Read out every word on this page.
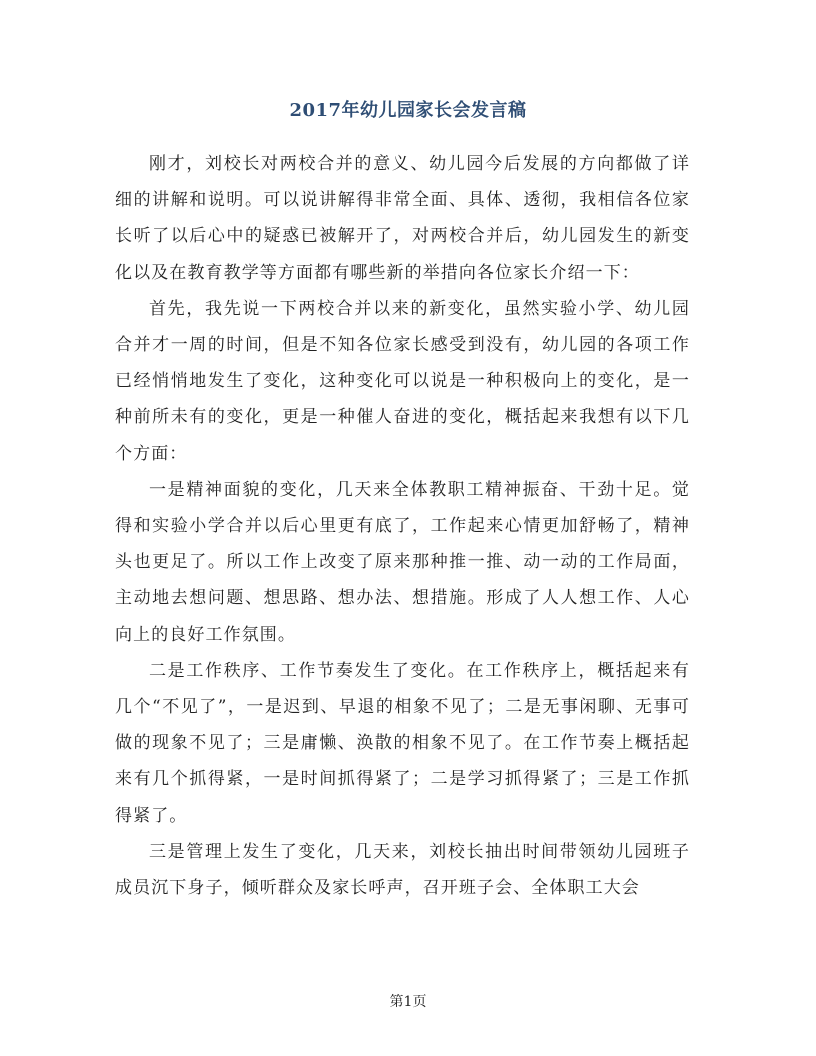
2017年幼儿园家长会发言稿

刚才，刘校长对两校合并的意义、幼儿园今后发展的方向都做了详细的讲解和说明。可以说讲解得非常全面、具体、透彻，我相信各位家长听了以后心中的疑惑已被解开了，对两校合并后，幼儿园发生的新变化以及在教育教学等方面都有哪些新的举措向各位家长介绍一下：

首先，我先说一下两校合并以来的新变化，虽然实验小学、幼儿园合并才一周的时间，但是不知各位家长感受到没有，幼儿园的各项工作已经悄悄地发生了变化，这种变化可以说是一种积极向上的变化，是一种前所未有的变化，更是一种催人奋进的变化，概括起来我想有以下几个方面：

一是精神面貌的变化，几天来全体教职工精神振奋、干劲十足。觉得和实验小学合并以后心里更有底了，工作起来心情更加舒畅了，精神头也更足了。所以工作上改变了原来那种推一推、动一动的工作局面，主动地去想问题、想思路、想办法、想措施。形成了人人想工作、人心向上的良好工作氛围。

二是工作秩序、工作节奏发生了变化。在工作秩序上，概括起来有几个“不见了”，一是迟到、早退的相象不见了；二是无事闲聊、无事可做的现象不见了；三是庸懒、涣散的相象不见了。在工作节奏上概括起来有几个抓得紧，一是时间抓得紧了；二是学习抓得紧了；三是工作抓得紧了。

三是管理上发生了变化，几天来，刘校长抽出时间带领幼儿园班子成员沉下身子，倾听群众及家长呼声，召开班子会、全体职工大会

第1页
